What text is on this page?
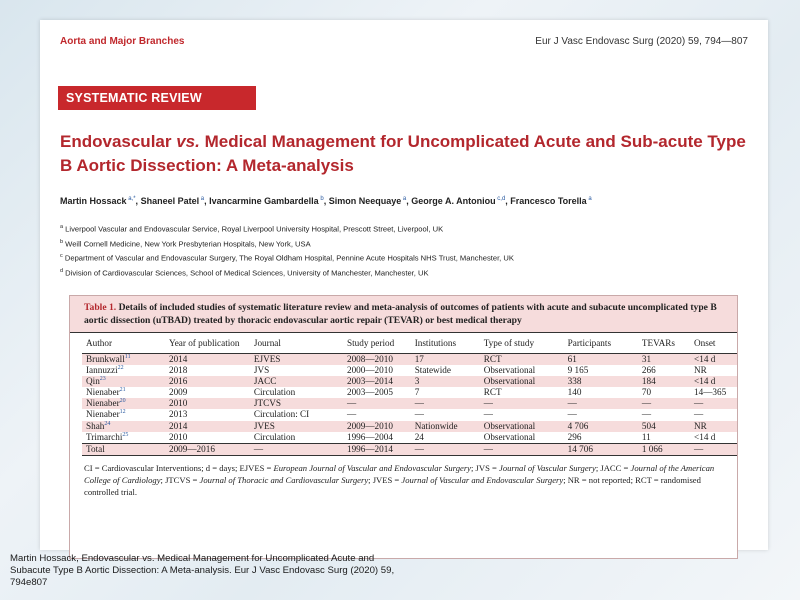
Aorta and Major Branches	Eur J Vasc Endovasc Surg (2020) 59, 794—807
SYSTEMATIC REVIEW
Endovascular vs. Medical Management for Uncomplicated Acute and Sub-acute Type B Aortic Dissection: A Meta-analysis
Martin Hossack $^{a,*}$, Shaneel Patel $^a$, Ivancarmine Gambardella $^b$, Simon Neequaye $^a$, George A. Antoniou $^{c,d}$, Francesco Torella $^a$
$^a$ Liverpool Vascular and Endovascular Service, Royal Liverpool University Hospital, Prescott Street, Liverpool, UK
$^b$ Weill Cornell Medicine, New York Presbyterian Hospitals, New York, USA
$^c$ Department of Vascular and Endovascular Surgery, The Royal Oldham Hospital, Pennine Acute Hospitals NHS Trust, Manchester, UK
$^d$ Division of Cardiovascular Sciences, School of Medical Sciences, University of Manchester, Manchester, UK
Table 1. Details of included studies of systematic literature review and meta-analysis of outcomes of patients with acute and subacute uncomplicated type B aortic dissection (uTBAD) treated by thoracic endovascular aortic repair (TEVAR) or best medical therapy
Author	Year of publication	Journal	Study period	Institutions	Type of study	Participants	TEVARs	Onset
Brunkwall$^{11}$	2014	EJVES	2008—2010	17	RCT	61	31	<14 d
Iannuzzi$^{22}$	2018	JVS	2000—2010	Statewide	Observational	9 165	266	NR
Qin$^{23}$	2016	JACC	2003—2014	3	Observational	338	184	<14 d
Nienaber$^{21}$	2009	Circulation	2003—2005	7	RCT	140	70	14—365
Nienaber$^{20}$	2010	JTCVS	—	—	—	—	—	—
Nienaber$^{12}$	2013	Circulation: CI	—	—	—	—	—	—
Shah$^{24}$	2014	JVES	2009—2010	Nationwide	Observational	4 706	504	NR
Trimarchi$^{25}$	2010	Circulation	1996—2004	24	Observational	296	11	<14 d
Total	2009—2016	—	1996—2014	—	—	14 706	1 066	—
CI = Cardiovascular Interventions; d = days; EJVES = European Journal of Vascular and Endovascular Surgery; JVS = Journal of Vascular Surgery; JACC = Journal of the American College of Cardiology; JTCVS = Journal of Thoracic and Cardiovascular Surgery; JVES = Journal of Vascular and Endovascular Surgery; NR = not reported; RCT = randomised controlled trial.
Martin Hossack, Endovascular vs. Medical Management for Uncomplicated Acute and Subacute Type B Aortic Dissection: A Meta-analysis. Eur J Vasc Endovasc Surg (2020) 59, 794e807
